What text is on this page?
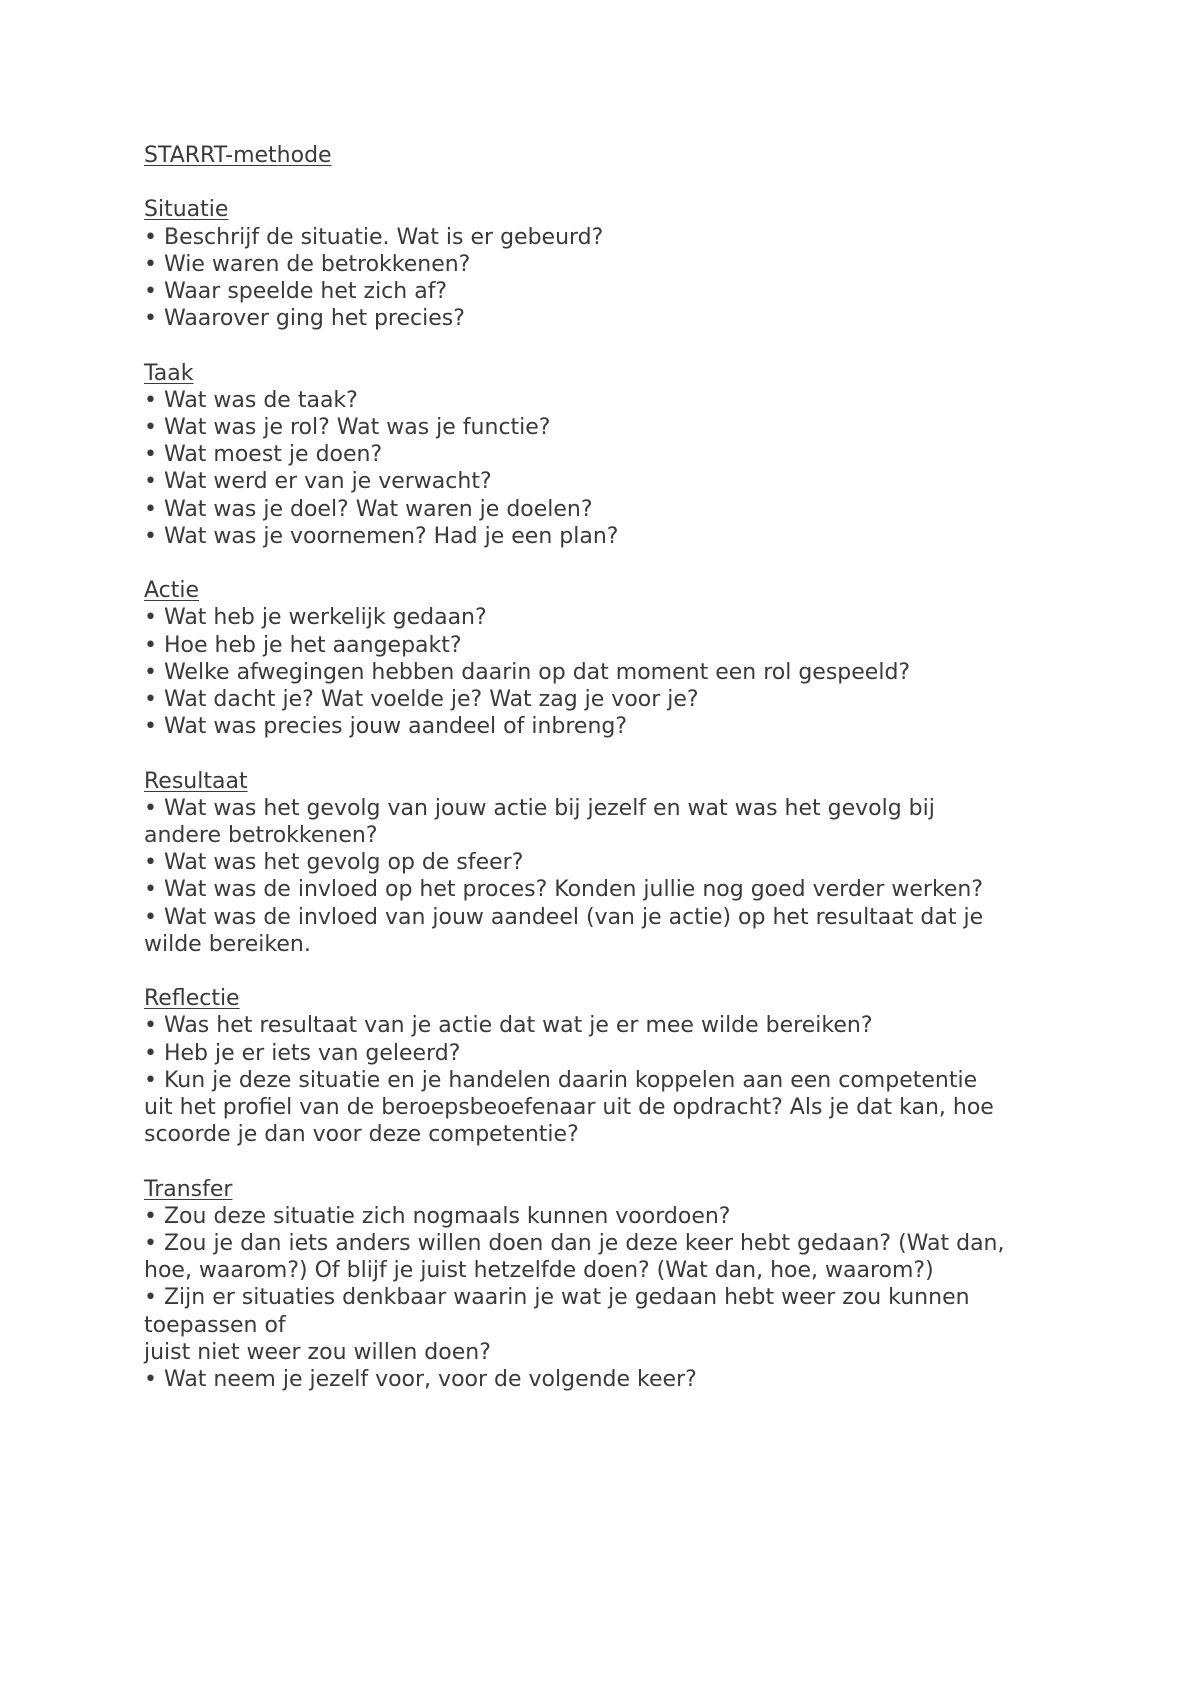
STARRT-methode
Situatie
• Beschrijf de situatie. Wat is er gebeurd?
• Wie waren de betrokkenen?
• Waar speelde het zich af?
• Waarover ging het precies?
Taak
• Wat was de taak?
• Wat was je rol? Wat was je functie?
• Wat moest je doen?
• Wat werd er van je verwacht?
• Wat was je doel? Wat waren je doelen?
• Wat was je voornemen? Had je een plan?
Actie
• Wat heb je werkelijk gedaan?
• Hoe heb je het aangepakt?
• Welke afwegingen hebben daarin op dat moment een rol gespeeld?
• Wat dacht je? Wat voelde je? Wat zag je voor je?
• Wat was precies jouw aandeel of inbreng?
Resultaat
• Wat was het gevolg van jouw actie bij jezelf en wat was het gevolg bij
andere betrokkenen?
• Wat was het gevolg op de sfeer?
• Wat was de invloed op het proces? Konden jullie nog goed verder werken?
• Wat was de invloed van jouw aandeel (van je actie) op het resultaat dat je
wilde bereiken.
Reflectie
• Was het resultaat van je actie dat wat je er mee wilde bereiken?
• Heb je er iets van geleerd?
• Kun je deze situatie en je handelen daarin koppelen aan een competentie
uit het profiel van de beroepsbeoefenaar uit de opdracht? Als je dat kan, hoe
scoorde je dan voor deze competentie?
Transfer
• Zou deze situatie zich nogmaals kunnen voordoen?
• Zou je dan iets anders willen doen dan je deze keer hebt gedaan? (Wat dan,
hoe, waarom?) Of blijf je juist hetzelfde doen? (Wat dan, hoe, waarom?)
• Zijn er situaties denkbaar waarin je wat je gedaan hebt weer zou kunnen
toepassen of
juist niet weer zou willen doen?
• Wat neem je jezelf voor, voor de volgende keer?
